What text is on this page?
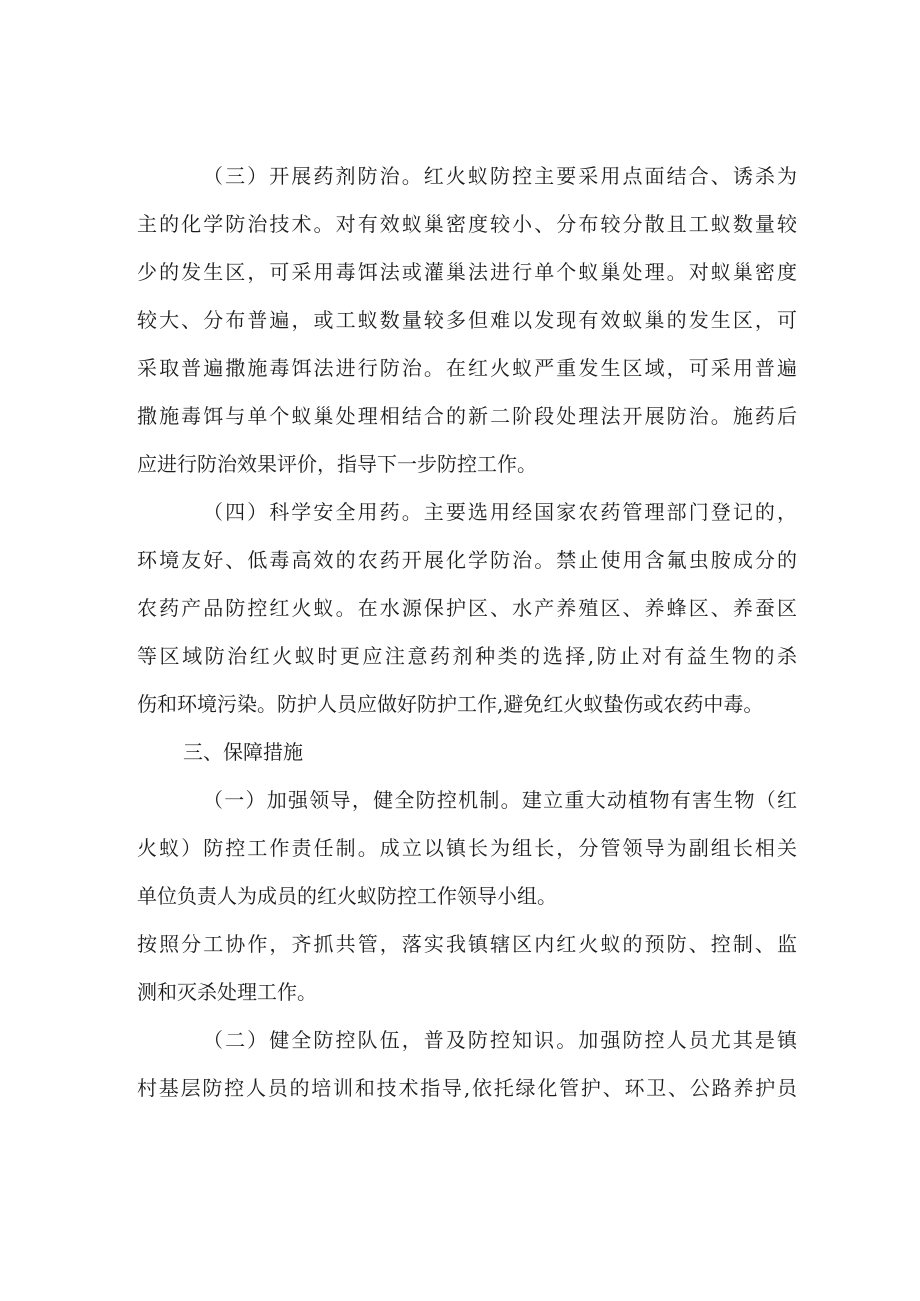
（三）开展药剂防治。红火蚁防控主要采用点面结合、诱杀为
主的化学防治技术。对有效蚁巢密度较小、分布较分散且工蚁数量较
少的发生区，可采用毒饵法或灌巢法进行单个蚁巢处理。对蚁巢密度
较大、分布普遍，或工蚁数量较多但难以发现有效蚁巢的发生区，可
采取普遍撒施毒饵法进行防治。在红火蚁严重发生区域，可采用普遍
撒施毒饵与单个蚁巢处理相结合的新二阶段处理法开展防治。施药后
应进行防治效果评价，指导下一步防控工作。
（四）科学安全用药。主要选用经国家农药管理部门登记的，
环境友好、低毒高效的农药开展化学防治。禁止使用含氟虫胺成分的
农药产品防控红火蚁。在水源保护区、水产养殖区、养蜂区、养蚕区
等区域防治红火蚁时更应注意药剂种类的选择,防止对有益生物的杀
伤和环境污染。防护人员应做好防护工作,避免红火蚁蛰伤或农药中毒。
三、保障措施
（一）加强领导，健全防控机制。建立重大动植物有害生物（红
火蚁）防控工作责任制。成立以镇长为组长，分管领导为副组长相关
单位负责人为成员的红火蚁防控工作领导小组。
按照分工协作，齐抓共管，落实我镇辖区内红火蚁的预防、控制、监
测和灭杀处理工作。
（二）健全防控队伍，普及防控知识。加强防控人员尤其是镇
村基层防控人员的培训和技术指导,依托绿化管护、环卫、公路养护员
